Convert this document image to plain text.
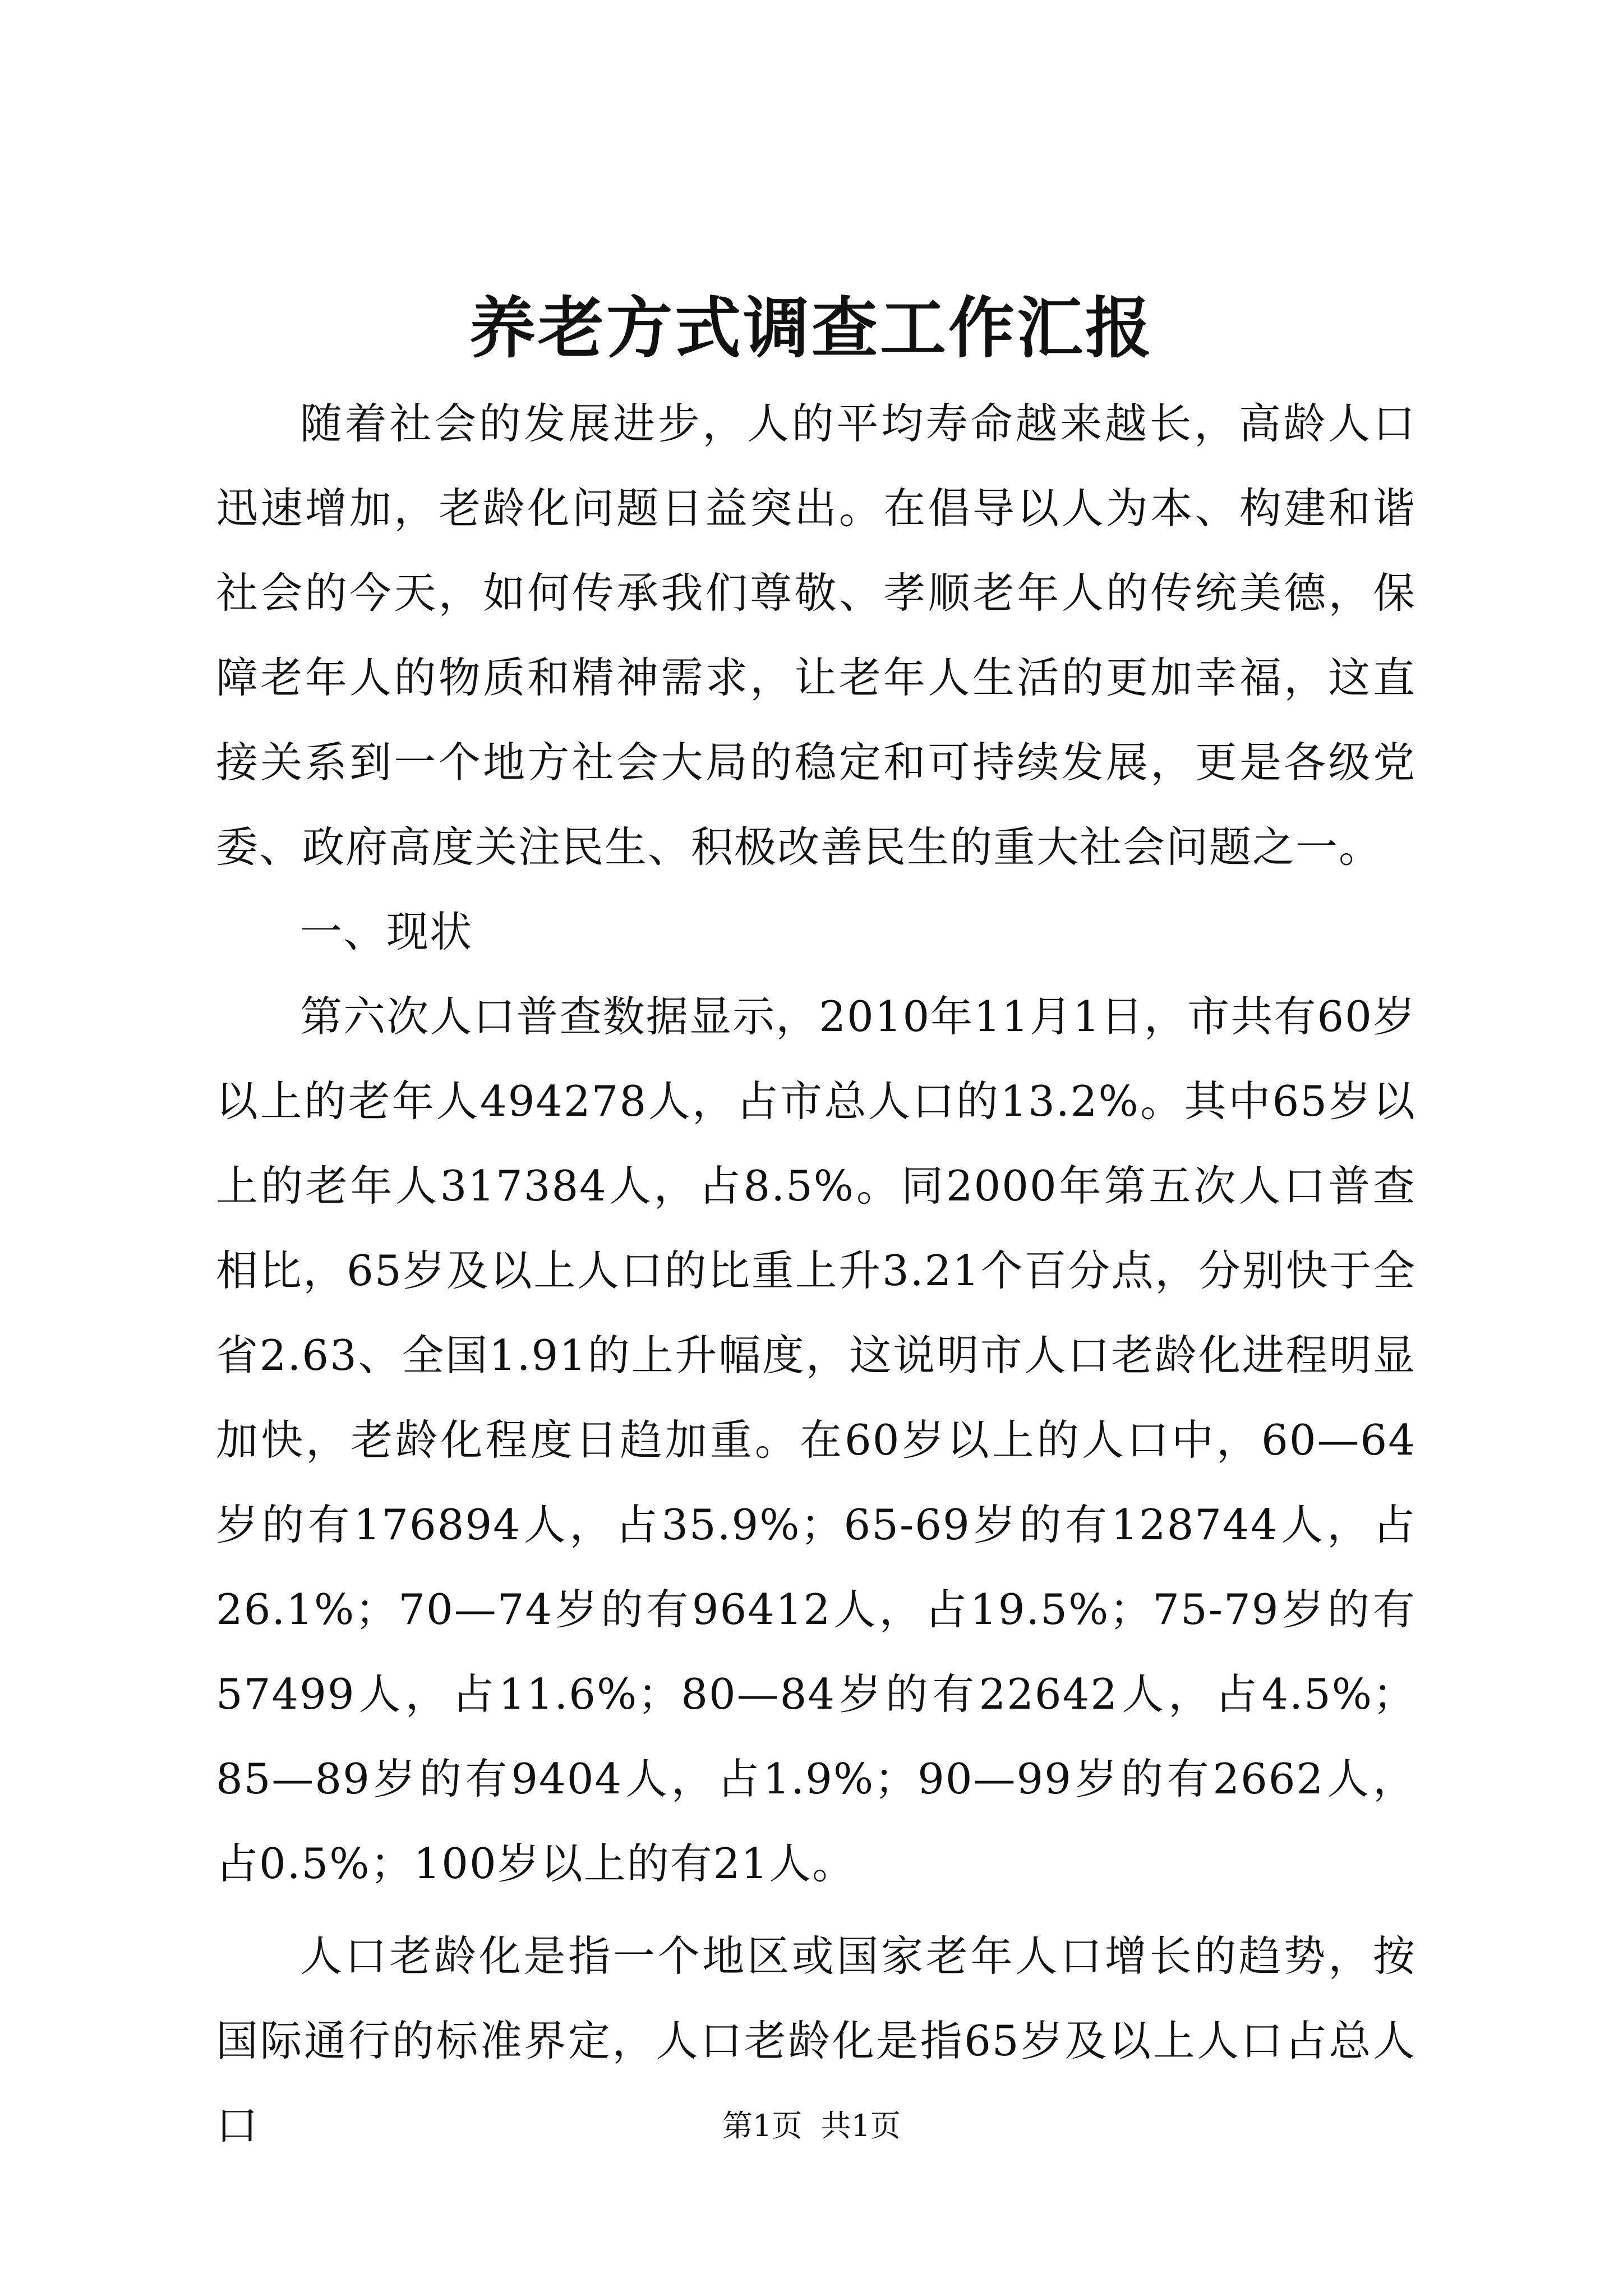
养老方式调查工作汇报

随着社会的发展进步，人的平均寿命越来越长，高龄人口迅速增加，老龄化问题日益突出。在倡导以人为本、构建和谐社会的今天，如何传承我们尊敬、孝顺老年人的传统美德，保障老年人的物质和精神需求，让老年人生活的更加幸福，这直接关系到一个地方社会大局的稳定和可持续发展，更是各级党委、政府高度关注民生、积极改善民生的重大社会问题之一。

一、现状

第六次人口普查数据显示，2010年11月1日，市共有60岁以上的老年人494278人，占市总人口的13.2%。其中65岁以上的老年人317384人，占8.5%。同2000年第五次人口普查相比，65岁及以上人口的比重上升3.21个百分点，分别快于全省2.63、全国1.91的上升幅度，这说明市人口老龄化进程明显加快，老龄化程度日趋加重。在60岁以上的人口中，60—64岁的有176894人，占35.9%；65-69岁的有128744人，占26.1%；70—74岁的有96412人，占19.5%；75-79岁的有57499人，占11.6%；80—84岁的有22642人，占4.5%；85—89岁的有9404人，占1.9%；90—99岁的有2662人，占0.5%；100岁以上的有21人。

人口老龄化是指一个地区或国家老年人口增长的趋势，按国际通行的标准界定，人口老龄化是指65岁及以上人口占总人口	第1页 共1页
